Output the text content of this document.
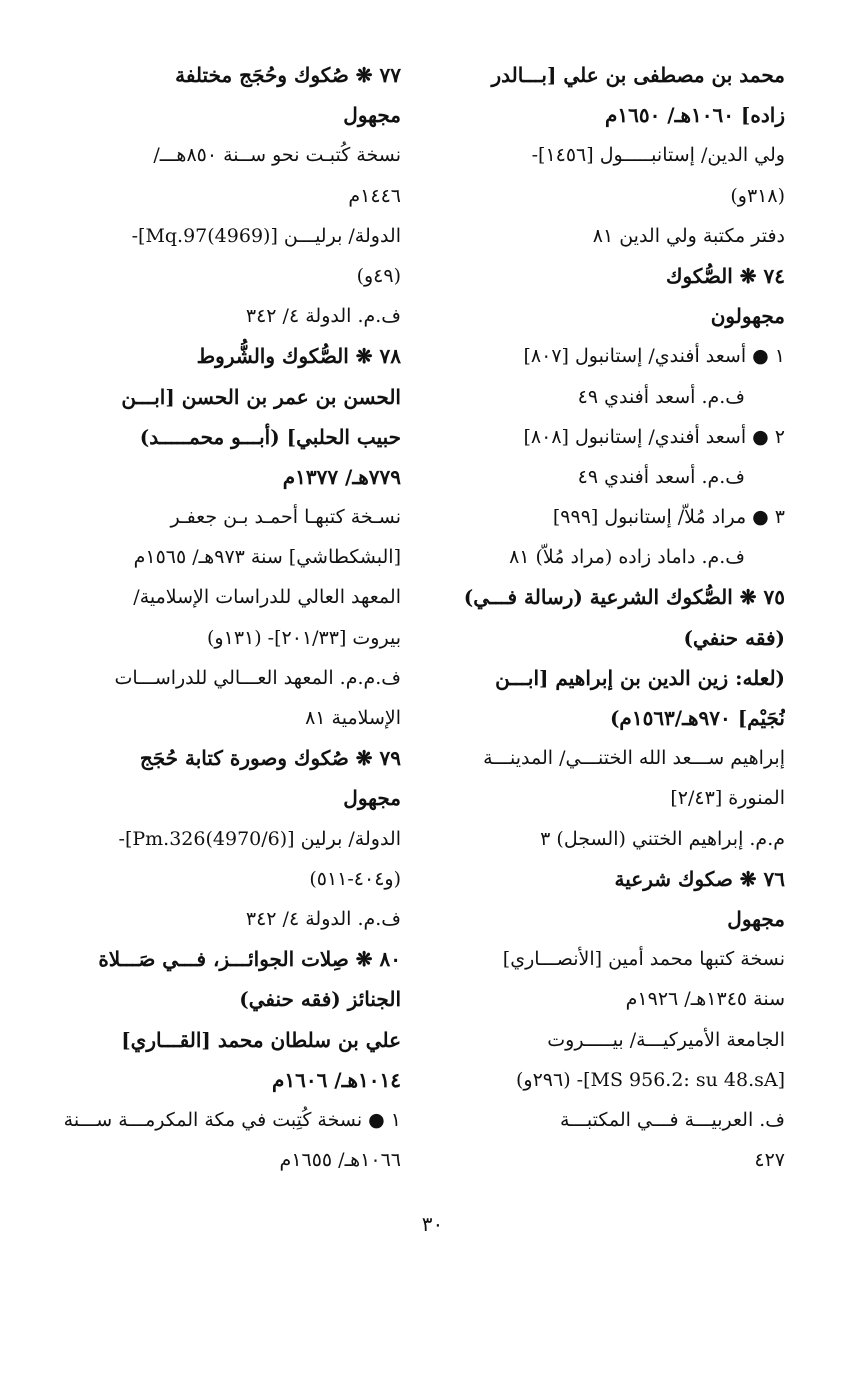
محمد بن مصطفى بن علي [بـــالدر
زاده] ١٠٦٠هـ/ ١٦٥٠م
ولي الدين/ إستانبـــــول [١٤٥٦]-
(٣١٨و)
دفتر مكتبة ولي الدين ٨١
٧٤ ❋ الصُّكوك
مجهولون
١ ● أسعد أفندي/ إستانبول [٨٠٧]
ف.م. أسعد أفندي ٤٩
٢ ● أسعد أفندي/ إستانبول [٨٠٨]
ف.م. أسعد أفندي ٤٩
٣ ● مراد مُلاّ/ إستانبول [٩٩٩]
ف.م. داماد زاده (مراد مُلاّ) ٨١
٧٥ ❋ الصُّكوك الشرعية (رسالة فـــي)
(فقه حنفي)
(لعله: زين الدين بن إبراهيم [ابـــن
نُجَيْم] ٩٧٠هـ/١٥٦٣م)
إبراهيم ســـعد الله الختنـــي/ المدينـــة
المنورة [٢/٤٣]
م.م. إبراهيم الختني (السجل) ٣
٧٦ ❋ صكوك شرعية
مجهول
نسخة كتبها محمد أمين [الأنصـــاري]
سنة ١٣٤٥هـ/ ١٩٢٦م
الجامعة الأميركيـــة/ بيـــــروت
[MS 956.2: su 48.sA]- (٢٩٦و)
ف. العربيـــة فـــي المكتبـــة
٤٢٧
٧٧ ❋ صُكوك وحُجَج مختلفة
مجهول
نسخة كُتبـت نحو ســنة ٨٥٠هـــ/
١٤٤٦م
الدولة/ برليـــن [Mq.97(4969)]-
(٤٩و)
ف.م. الدولة ٤/ ٣٤٢
٧٨ ❋ الصُّكوك والشُّروط
الحسن بن عمر بن الحسن [ابـــن
حبيب الحلبي] (أبـــو محمـــــد)
٧٧٩هـ/ ١٣٧٧م
نسـخة كتبهـا أحمـد بـن جعفـر
[البشكطاشي] سنة ٩٧٣هـ/ ١٥٦٥م
المعهد العالي للدراسات الإسلامية/
بيروت [٢٠١/٣٣]- (١٣١و)
ف.م.م. المعهد العـــالي للدراســـات
الإسلامية ٨١
٧٩ ❋ صُكوك وصورة كتابة حُجَج
مجهول
الدولة/ برلين [Pm.326(4970/6)]-
(و٤٠٤-٥١١)
ف.م. الدولة ٤/ ٣٤٢
٨٠ ❋ صِلات الجوائـــز، فـــي صَـــلاة
الجنائز (فقه حنفي)
علي بن سلطان محمد [القـــاري]
١٠١٤هـ/ ١٦٠٦م
١ ● نسخة كُتِبت في مكة المكرمـــة ســـنة
١٠٦٦هـ/ ١٦٥٥م
٣٠
